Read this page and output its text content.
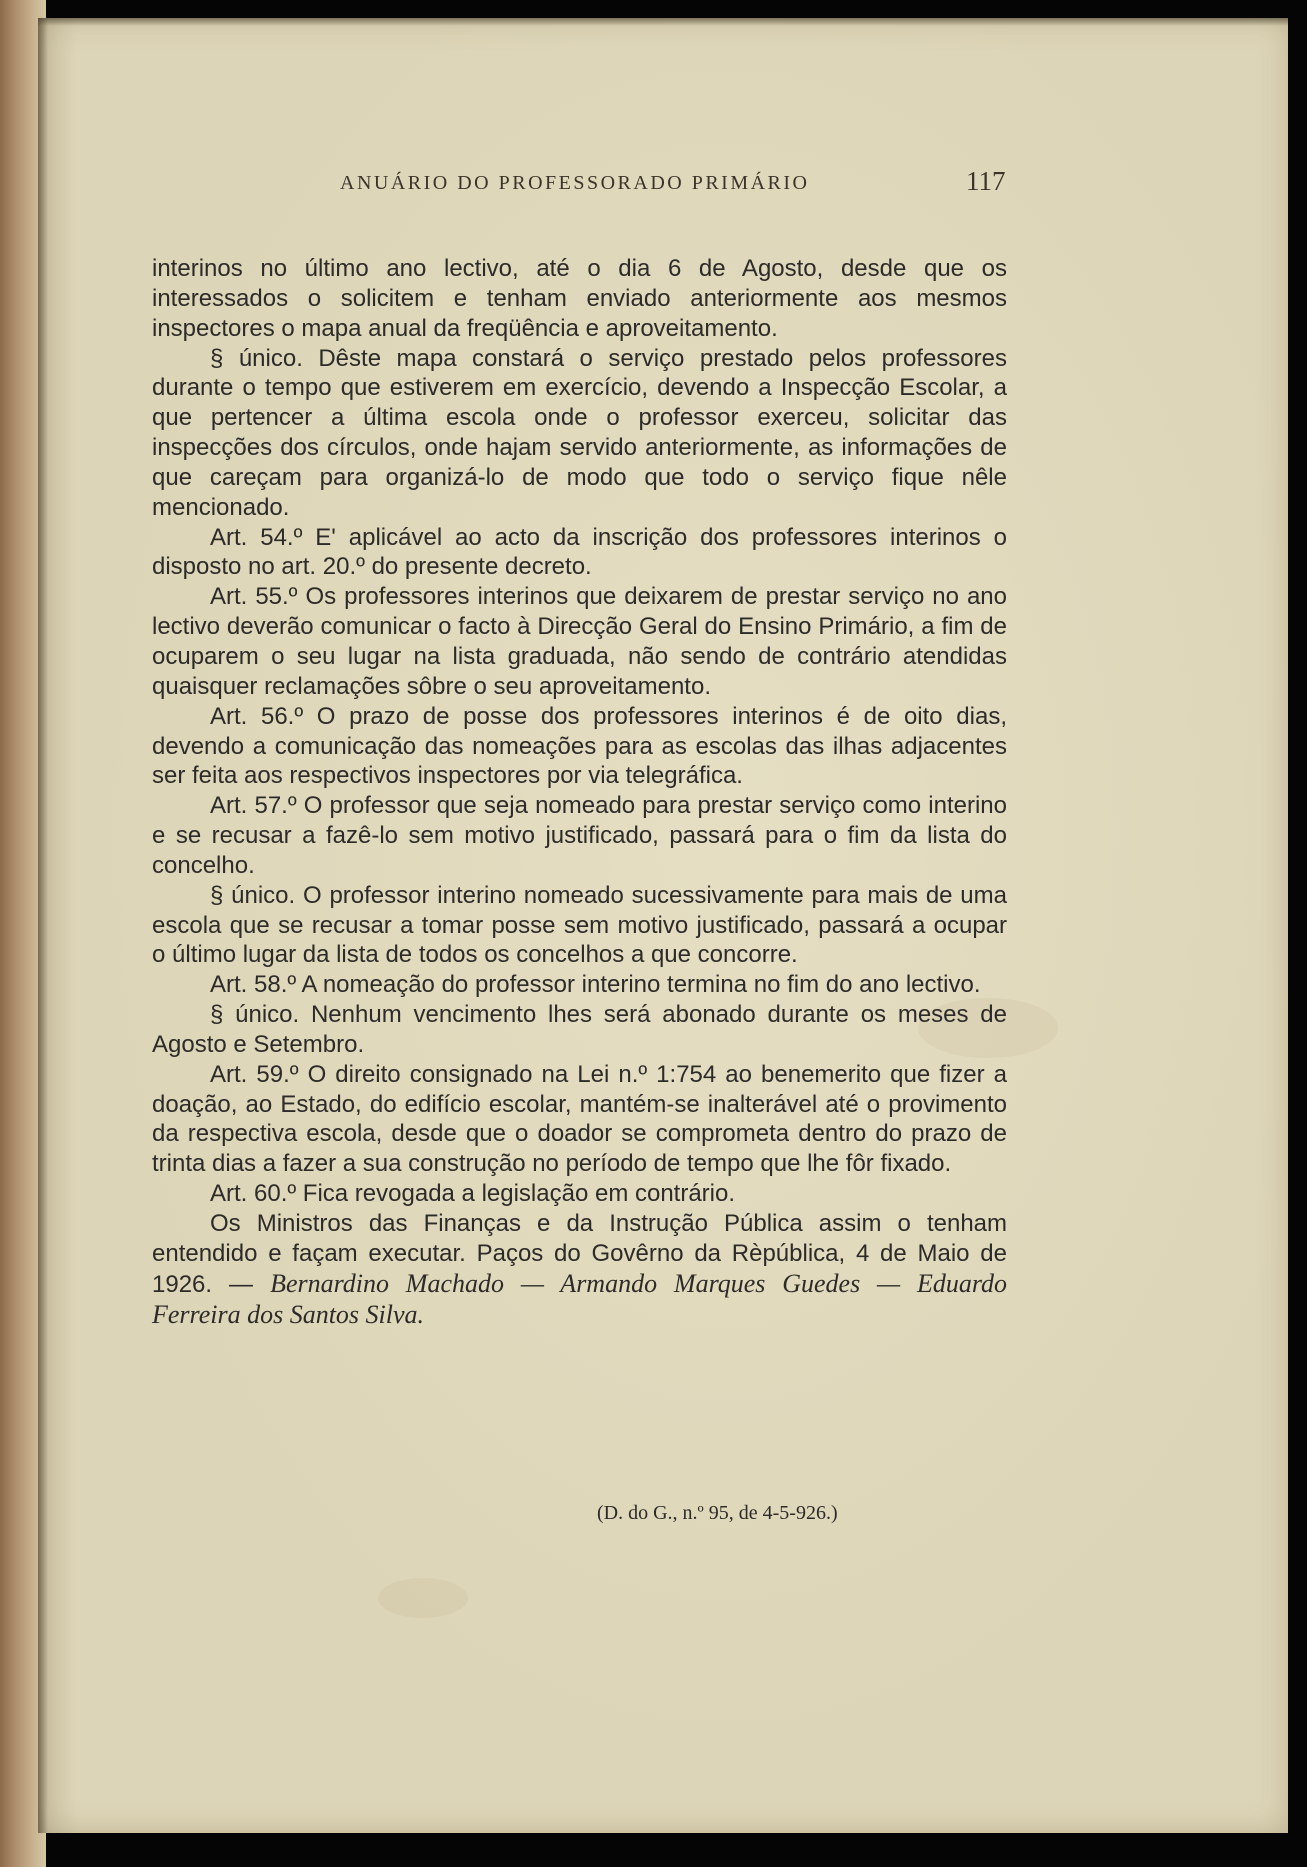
ANUÁRIO DO PROFESSORADO PRIMÁRIO	117

interinos no último ano lectivo, até o dia 6 de Agosto, desde que os interessados o solicitem e tenham enviado anteriormente aos mesmos inspectores o mapa anual da freqüência e aproveitamento.

§ único. Dêste mapa constará o serviço prestado pelos professores durante o tempo que estiverem em exercício, devendo a Inspecção Escolar, a que pertencer a última escola onde o professor exerceu, solicitar das inspecções dos círculos, onde hajam servido anteriormente, as informações de que careçam para organizá-lo de modo que todo o serviço fique nêle mencionado.

Art. 54.º E' aplicável ao acto da inscrição dos professores interinos o disposto no art. 20.º do presente decreto.

Art. 55.º Os professores interinos que deixarem de prestar serviço no ano lectivo deverão comunicar o facto à Direcção Geral do Ensino Primário, a fim de ocuparem o seu lugar na lista graduada, não sendo de contrário atendidas quaisquer reclamações sôbre o seu aproveitamento.

Art. 56.º O prazo de posse dos professores interinos é de oito dias, devendo a comunicação das nomeações para as escolas das ilhas adjacentes ser feita aos respectivos inspectores por via telegráfica.

Art. 57.º O professor que seja nomeado para prestar serviço como interino e se recusar a fazê-lo sem motivo justificado, passará para o fim da lista do concelho.

§ único. O professor interino nomeado sucessivamente para mais de uma escola que se recusar a tomar posse sem motivo justificado, passará a ocupar o último lugar da lista de todos os concelhos a que concorre.

Art. 58.º A nomeação do professor interino termina no fim do ano lectivo.

§ único. Nenhum vencimento lhes será abonado durante os meses de Agosto e Setembro.

Art. 59.º O direito consignado na Lei n.º 1:754 ao benemerito que fizer a doação, ao Estado, do edifício escolar, mantém-se inalterável até o provimento da respectiva escola, desde que o doador se comprometa dentro do prazo de trinta dias a fazer a sua construção no período de tempo que lhe fôr fixado.

Art. 60.º Fica revogada a legislação em contrário.

Os Ministros das Finanças e da Instrução Pública assim o tenham entendido e façam executar. Paços do Govêrno da Rèpública, 4 de Maio de 1926. — Bernardino Machado — Armando Marques Guedes — Eduardo Ferreira dos Santos Silva.

(D. do G., n.º 95, de 4-5-926.)
